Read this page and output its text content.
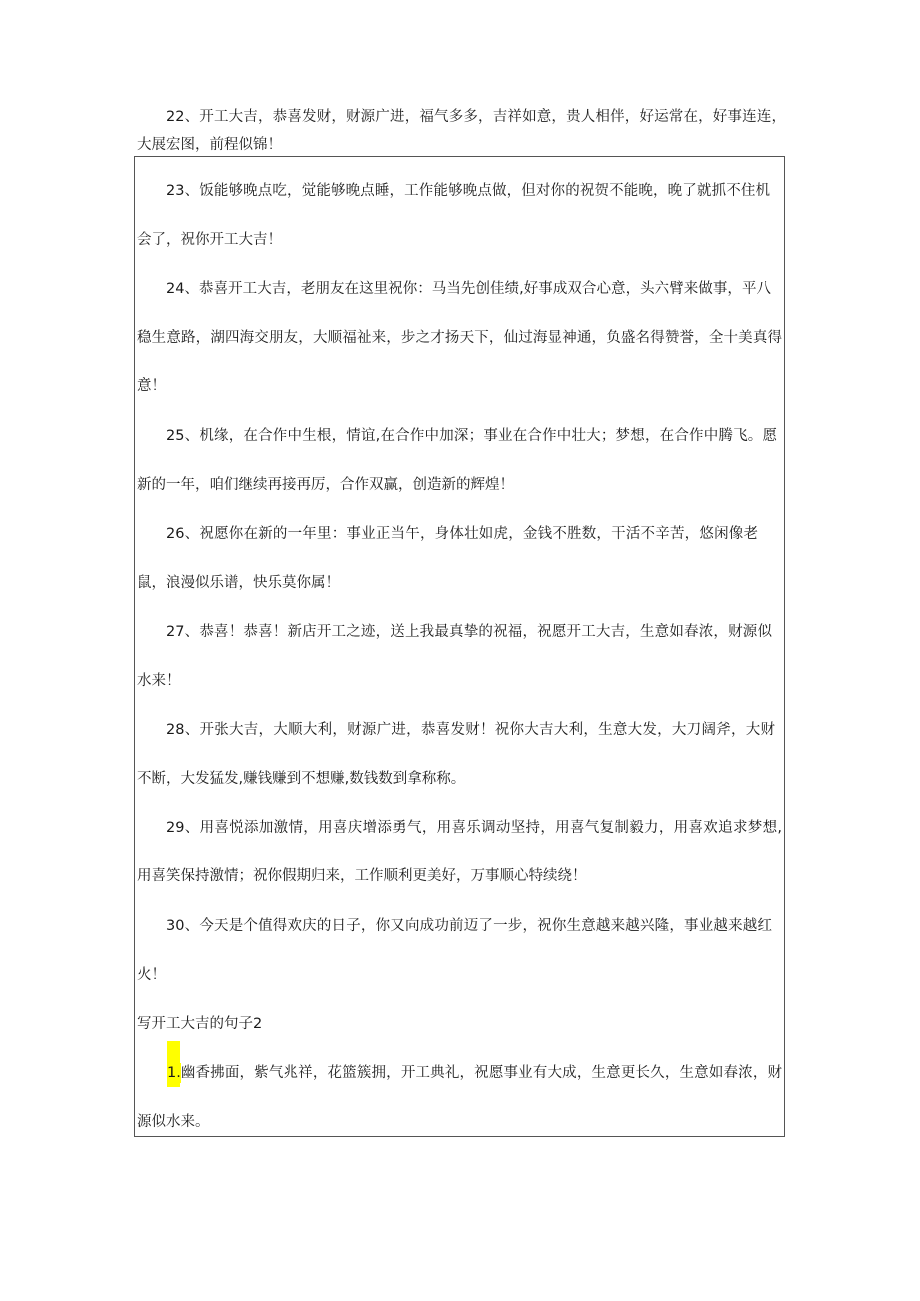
22、开工大吉，恭喜发财，财源广进，福气多多，吉祥如意，贵人相伴，好运常在，好事连连，
大展宏图，前程似锦！
23、饭能够晚点吃，觉能够晚点睡，工作能够晚点做，但对你的祝贺不能晚，晚了就抓不住机
会了，祝你开工大吉！
24、恭喜开工大吉，老朋友在这里祝你：马当先创佳绩,好事成双合心意，头六臂来做事，平八
稳生意路，湖四海交朋友，大顺福祉来，步之才扬天下，仙过海显神通，负盛名得赞誉，全十美真得
意！
25、机缘，在合作中生根，情谊,在合作中加深；事业在合作中壮大；梦想，在合作中腾飞。愿
新的一年，咱们继续再接再厉，合作双赢，创造新的辉煌！
26、祝愿你在新的一年里：事业正当午，身体壮如虎，金钱不胜数，干活不辛苦，悠闲像老
鼠，浪漫似乐谱，快乐莫你属！
27、恭喜！恭喜！新店开工之迹，送上我最真挚的祝福，祝愿开工大吉，生意如春浓，财源似
水来！
28、开张大吉，大顺大利，财源广进，恭喜发财！祝你大吉大利，生意大发，大刀阔斧，大财
不断，大发猛发,赚钱赚到不想赚,数钱数到拿称称。
29、用喜悦添加激情，用喜庆增添勇气，用喜乐调动坚持，用喜气复制毅力，用喜欢追求梦想,
用喜笑保持激情；祝你假期归来，工作顺利更美好，万事顺心特续绕！
30、今天是个值得欢庆的日子，你又向成功前迈了一步，祝你生意越来越兴隆，事业越来越红
火！
写开工大吉的句子2
1. 幽香拂面，紫气兆祥，花篮簇拥，开工典礼，祝愿事业有大成，生意更长久，生意如春浓，财
源似水来。
